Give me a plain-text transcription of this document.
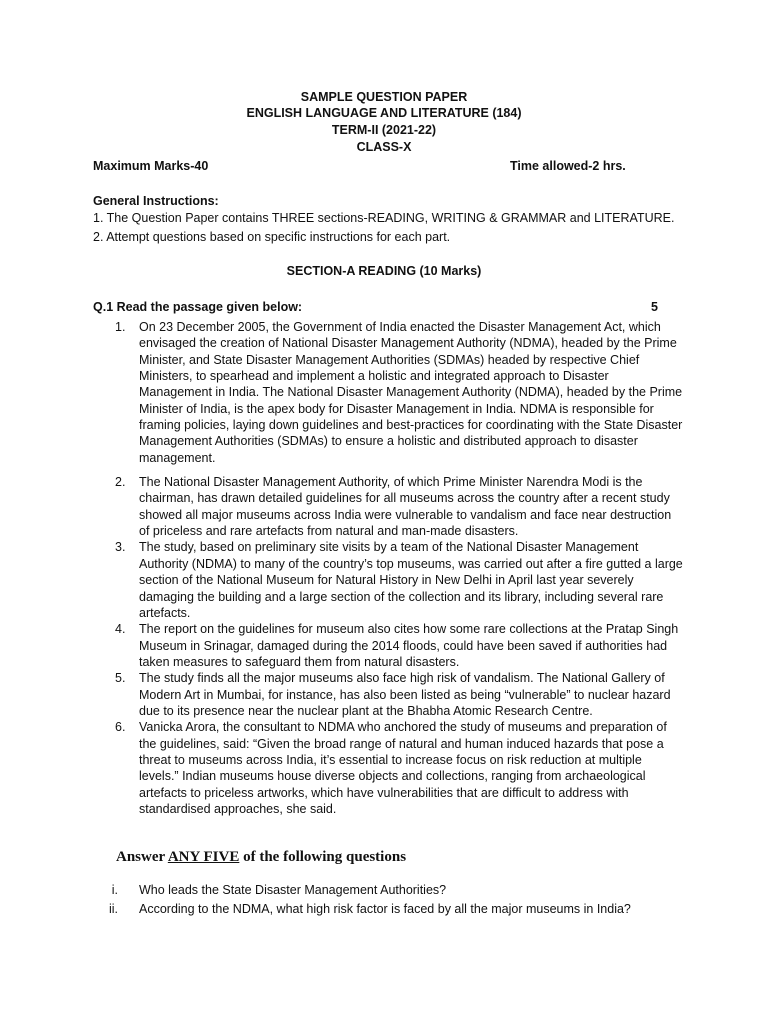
SAMPLE QUESTION PAPER
ENGLISH LANGUAGE AND LITERATURE (184)
TERM-II (2021-22)
CLASS-X
Maximum Marks-40	Time allowed-2 hrs.
General Instructions:
1. The Question Paper contains THREE sections-READING, WRITING & GRAMMAR and LITERATURE.
2. Attempt questions based on specific instructions for each part.
SECTION-A READING (10 Marks)
Q.1 Read the passage given below:	5
1. On 23 December 2005, the Government of India enacted the Disaster Management Act, which envisaged the creation of National Disaster Management Authority (NDMA), headed by the Prime Minister, and State Disaster Management Authorities (SDMAs) headed by respective Chief Ministers, to spearhead and implement a holistic and integrated approach to Disaster Management in India. The National Disaster Management Authority (NDMA), headed by the Prime Minister of India, is the apex body for Disaster Management in India. NDMA is responsible for framing policies, laying down guidelines and best-practices for coordinating with the State Disaster Management Authorities (SDMAs) to ensure a holistic and distributed approach to disaster management.
2. The National Disaster Management Authority, of which Prime Minister Narendra Modi is the chairman, has drawn detailed guidelines for all museums across the country after a recent study showed all major museums across India were vulnerable to vandalism and face near destruction of priceless and rare artefacts from natural and man-made disasters.
3. The study, based on preliminary site visits by a team of the National Disaster Management Authority (NDMA) to many of the country’s top museums, was carried out after a fire gutted a large section of the National Museum for Natural History in New Delhi in April last year severely damaging the building and a large section of the collection and its library, including several rare artefacts.
4. The report on the guidelines for museum also cites how some rare collections at the Pratap Singh Museum in Srinagar, damaged during the 2014 floods, could have been saved if authorities had taken measures to safeguard them from natural disasters.
5. The study finds all the major museums also face high risk of vandalism. The National Gallery of Modern Art in Mumbai, for instance, has also been listed as being “vulnerable” to nuclear hazard due to its presence near the nuclear plant at the Bhabha Atomic Research Centre.
6. Vanicka Arora, the consultant to NDMA who anchored the study of museums and preparation of the guidelines, said: “Given the broad range of natural and human induced hazards that pose a threat to museums across India, it’s essential to increase focus on risk reduction at multiple levels.” Indian museums house diverse objects and collections, ranging from archaeological artefacts to priceless artworks, which have vulnerabilities that are difficult to address with standardised approaches, she said.
Answer ANY FIVE of the following questions
i. Who leads the State Disaster Management Authorities?
ii. According to the NDMA, what high risk factor is faced by all the major museums in India?
